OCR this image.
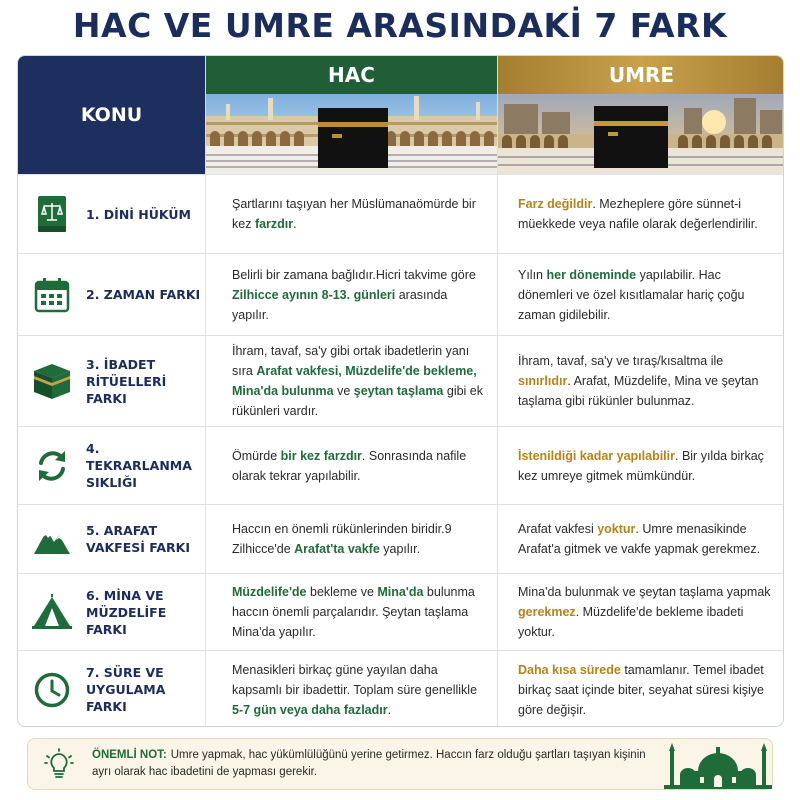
HAC VE UMRE ARASINDAKİ 7 FARK
KONU
HAC	UMRE
1. DİNİ HÜKÜM
Şartlarını taşıyan her Müslümanaömürde bir kez farzdır.
Farz değildir. Mezheplere göre sünnet-i müekkede veya nafile olarak değerlendirilir.
2. ZAMAN FARKI
Belirli bir zamana bağlıdır.Hicri takvime göre Zilhicce ayının 8-13. günleri arasında yapılır.
Yılın her döneminde yapılabilir. Hac dönemleri ve özel kısıtlamalar hariç çoğu zaman gidilebilir.
3. İBADET RİTÜELLERİ FARKI
İhram, tavaf, sa'y gibi ortak ibadetlerin yanı sıra Arafat vakfesi, Müzdelife'de bekleme, Mina'da bulunma ve şeytan taşlama gibi ek rükünleri vardır.
İhram, tavaf, sa'y ve tıraş/kısaltma ile sınırlıdır. Arafat, Müzdelife, Mina ve şeytan taşlama gibi rükünler bulunmaz.
4. TEKRARLANMA SIKLIĞI
Ömürde bir kez farzdır. Sonrasında nafile olarak tekrar yapılabilir.
İstenildiği kadar yapılabilir. Bir yılda birkaç kez umreye gitmek mümkündür.
5. ARAFAT VAKFESİ FARKI
Haccın en önemli rükünlerinden biridir.9 Zilhicce'de Arafat'ta vakfe yapılır.
Arafat vakfesi yoktur. Umre menasikinde Arafat'a gitmek ve vakfe yapmak gerekmez.
6. MİNA VE MÜZDELİFE FARKI
Müzdelife'de bekleme ve Mina'da bulunma haccın önemli parçalarıdır. Şeytan taşlama Mina'da yapılır.
Mina'da bulunmak ve şeytan taşlama yapmak gerekmez. Müzdelife'de bekleme ibadeti yoktur.
7. SÜRE VE UYGULAMA FARKI
Menasikleri birkaç güne yayılan daha kapsamlı bir ibadettir. Toplam süre genellikle 5-7 gün veya daha fazladır.
Daha kısa sürede tamamlanır. Temel ibadet birkaç saat içinde biter, seyahat süresi kişiye göre değişir.
ÖNEMLİ NOT: Umre yapmak, hac yükümlülüğünü yerine getirmez. Haccın farz olduğu şartları taşıyan kişinin ayrı olarak hac ibadetini de yapması gerekir.
